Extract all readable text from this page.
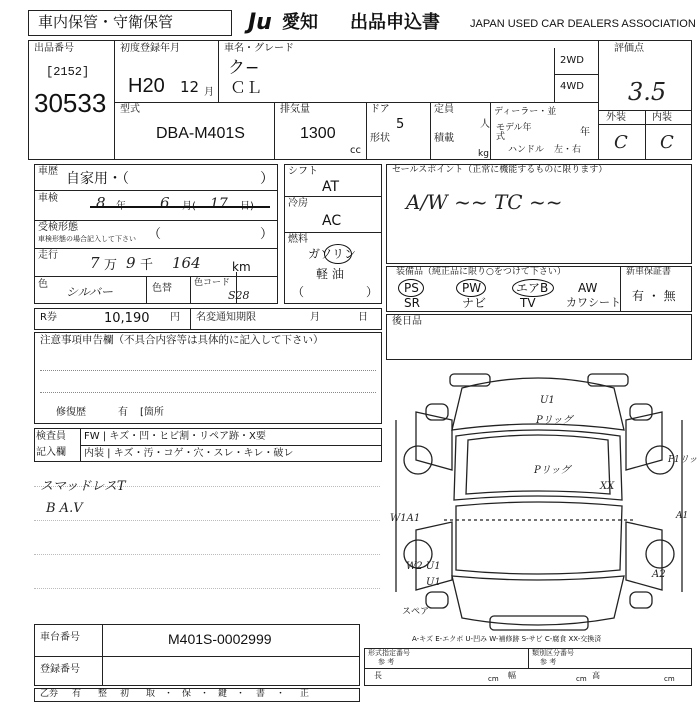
車内保管・守衛保管	Ju 愛知 出品申込書	JAPAN USED CAR DEALERS ASSOCIATION
出品番号
[2152]
30533
初度登録年月
H20 12 月
車名・グレード
ク−
ＣＬ
2WD
4WD
型式
DBA-M401S
排気量
1300
cc
ドア
5
形状
定員
人
積載
kg
ディーラー・並
モデル年式	年
ハンドル 左・右
評価点
3.5
外装	内装
C C
車歴 自家用・（	）
車検	8 年 6 月( 17 日)
受検形態
車検形態の場合記入して下さい （	）
走行 7 万 9 千 164	km
色
シルバー	色替 色コード
S28
シフト
AT
冷房
AC
燃料
ガソリン
軽 油
（	）
セールスポイント（正常に機能するものに限ります）
A/W ~~ TC ~~
装備品（純正品に限り○をつけて下さい）
PS	PW	エアB AW
SR	ナビ	TV	カワシート
新車保証書
有 ・ 無
R券	10,190 円 名変通知期限	月	日
注意事項申告欄（不具合内容等は具体的に記入して下さい）
修復歴	有 [箇所
後日品
検査員
記入欄
FW | キズ・凹・ヒビ割・リペア跡・X要
内装 | キズ・汚・コゲ・穴・スレ・キレ・破レ
スマッドレスT
B A.V
U1
Pリッグ
Pリッグ
P1リッ
XX
A1
W1A1
W2 U1
A2
U1
スペア
A-キズ E-エクボ U-凹み W-補修跡 S-サビ C-腐食 XX-交換済
車台番号	M401S-0002999
登録番号
形式指定番号
参 考
類別区分番号
参 考
長	cm 幅	cm 高	cm
乙券 有 整 初 取 ・ 保 ・ 鍵 ・ 書 ・ 正
